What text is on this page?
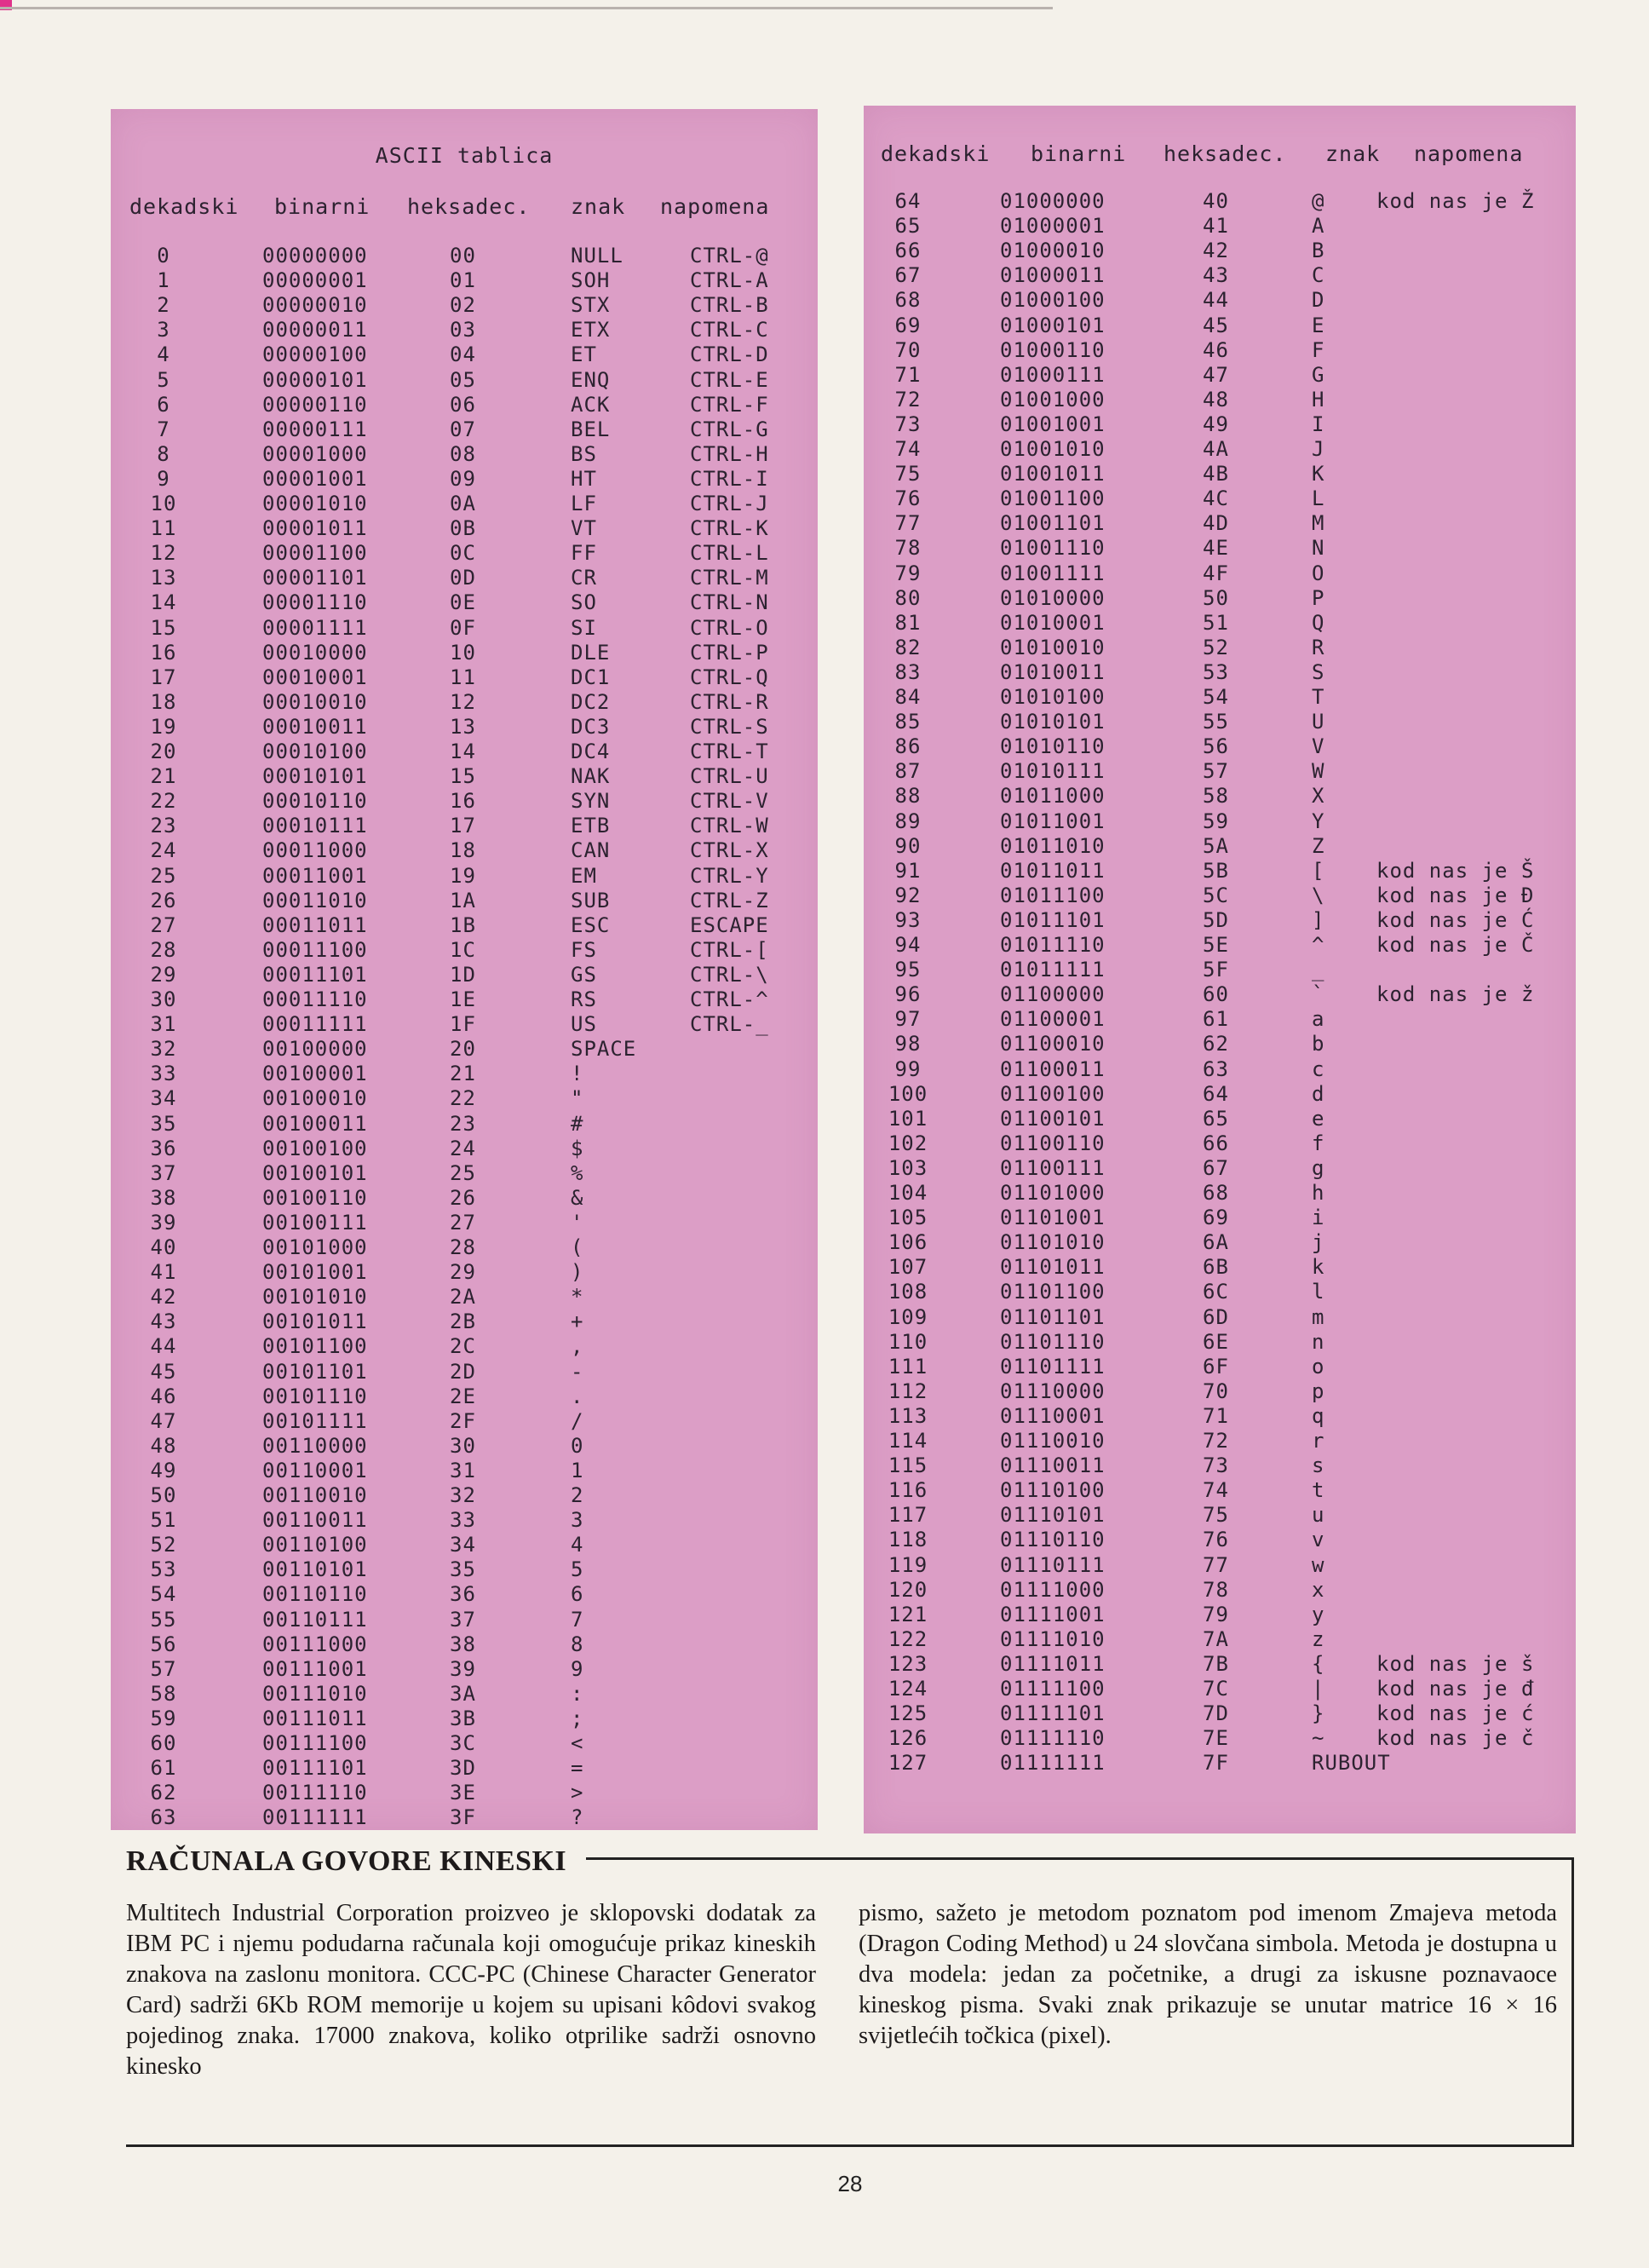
ASCII tablica
dekadski binarni heksadec. znak napomena
0	00000000	00	NULL	CTRL-@
1	00000001	01	SOH	CTRL-A
2	00000010	02	STX	CTRL-B
3	00000011	03	ETX	CTRL-C
4	00000100	04	ET	CTRL-D
5	00000101	05	ENQ	CTRL-E
6	00000110	06	ACK	CTRL-F
7	00000111	07	BEL	CTRL-G
8	00001000	08	BS	CTRL-H
9	00001001	09	HT	CTRL-I
10	00001010	0A	LF	CTRL-J
11	00001011	0B	VT	CTRL-K
12	00001100	0C	FF	CTRL-L
13	00001101	0D	CR	CTRL-M
14	00001110	0E	SO	CTRL-N
15	00001111	0F	SI	CTRL-O
16	00010000	10	DLE	CTRL-P
17	00010001	11	DC1	CTRL-Q
18	00010010	12	DC2	CTRL-R
19	00010011	13	DC3	CTRL-S
20	00010100	14	DC4	CTRL-T
21	00010101	15	NAK	CTRL-U
22	00010110	16	SYN	CTRL-V
23	00010111	17	ETB	CTRL-W
24	00011000	18	CAN	CTRL-X
25	00011001	19	EM	CTRL-Y
26	00011010	1A	SUB	CTRL-Z
27	00011011	1B	ESC	ESCAPE
28	00011100	1C	FS	CTRL-[
29	00011101	1D	GS	CTRL-\
30	00011110	1E	RS	CTRL-^
31	00011111	1F	US	CTRL-_
32	00100000	20	SPACE
33	00100001	21	!
34	00100010	22	"
35	00100011	23	#
36	00100100	24	$
37	00100101	25	%
38	00100110	26	&
39	00100111	27	'
40	00101000	28	(
41	00101001	29	)
42	00101010	2A	*
43	00101011	2B	+
44	00101100	2C	,
45	00101101	2D	-
46	00101110	2E	.
47	00101111	2F	/
48	00110000	30	0
49	00110001	31	1
50	00110010	32	2
51	00110011	33	3
52	00110100	34	4
53	00110101	35	5
54	00110110	36	6
55	00110111	37	7
56	00111000	38	8
57	00111001	39	9
58	00111010	3A	:
59	00111011	3B	;
60	00111100	3C	<
61	00111101	3D	=
62	00111110	3E	>
63	00111111	3F	?
dekadski binarni heksadec. znak napomena
64	01000000	40	@	kod nas je Ž
65	01000001	41	A
66	01000010	42	B
67	01000011	43	C
68	01000100	44	D
69	01000101	45	E
70	01000110	46	F
71	01000111	47	G
72	01001000	48	H
73	01001001	49	I
74	01001010	4A	J
75	01001011	4B	K
76	01001100	4C	L
77	01001101	4D	M
78	01001110	4E	N
79	01001111	4F	O
80	01010000	50	P
81	01010001	51	Q
82	01010010	52	R
83	01010011	53	S
84	01010100	54	T
85	01010101	55	U
86	01010110	56	V
87	01010111	57	W
88	01011000	58	X
89	01011001	59	Y
90	01011010	5A	Z
91	01011011	5B	[	kod nas je Š
92	01011100	5C	\	kod nas je Đ
93	01011101	5D	]	kod nas je Ć
94	01011110	5E	^	kod nas je Č
95	01011111	5F	_
96	01100000	60	`	kod nas je ž
97	01100001	61	a
98	01100010	62	b
99	01100011	63	c
100	01100100	64	d
101	01100101	65	e
102	01100110	66	f
103	01100111	67	g
104	01101000	68	h
105	01101001	69	i
106	01101010	6A	j
107	01101011	6B	k
108	01101100	6C	l
109	01101101	6D	m
110	01101110	6E	n
111	01101111	6F	o
112	01110000	70	p
113	01110001	71	q
114	01110010	72	r
115	01110011	73	s
116	01110100	74	t
117	01110101	75	u
118	01110110	76	v
119	01110111	77	w
120	01111000	78	x
121	01111001	79	y
122	01111010	7A	z
123	01111011	7B	{	kod nas je š
124	01111100	7C	|	kod nas je đ
125	01111101	7D	}	kod nas je ć
126	01111110	7E	~	kod nas je č
127	01111111	7F	RUBOUT
RAČUNALA GOVORE KINESKI
Multitech Industrial Corporation proizveo je sklopovski dodatak za IBM PC i njemu podudarna računala koji omogućuje prikaz kineskih znakova na zaslonu monitora. CCC-PC (Chinese Character Generator Card) sadrži 6Kb ROM memorije u kojem su upisani kôdovi svakog pojedinog znaka. 17000 znakova, koliko otprilike sadrži osnovno kinesko
pismo, sažeto je metodom poznatom pod imenom Zmajeva metoda (Dragon Coding Method) u 24 slovčana simbola. Metoda je dostupna u dva modela: jedan za početnike, a drugi za iskusne poznavaoce kineskog pisma. Svaki znak prikazuje se unutar matrice 16 × 16 svijetlećih točkica (pixel).
28
